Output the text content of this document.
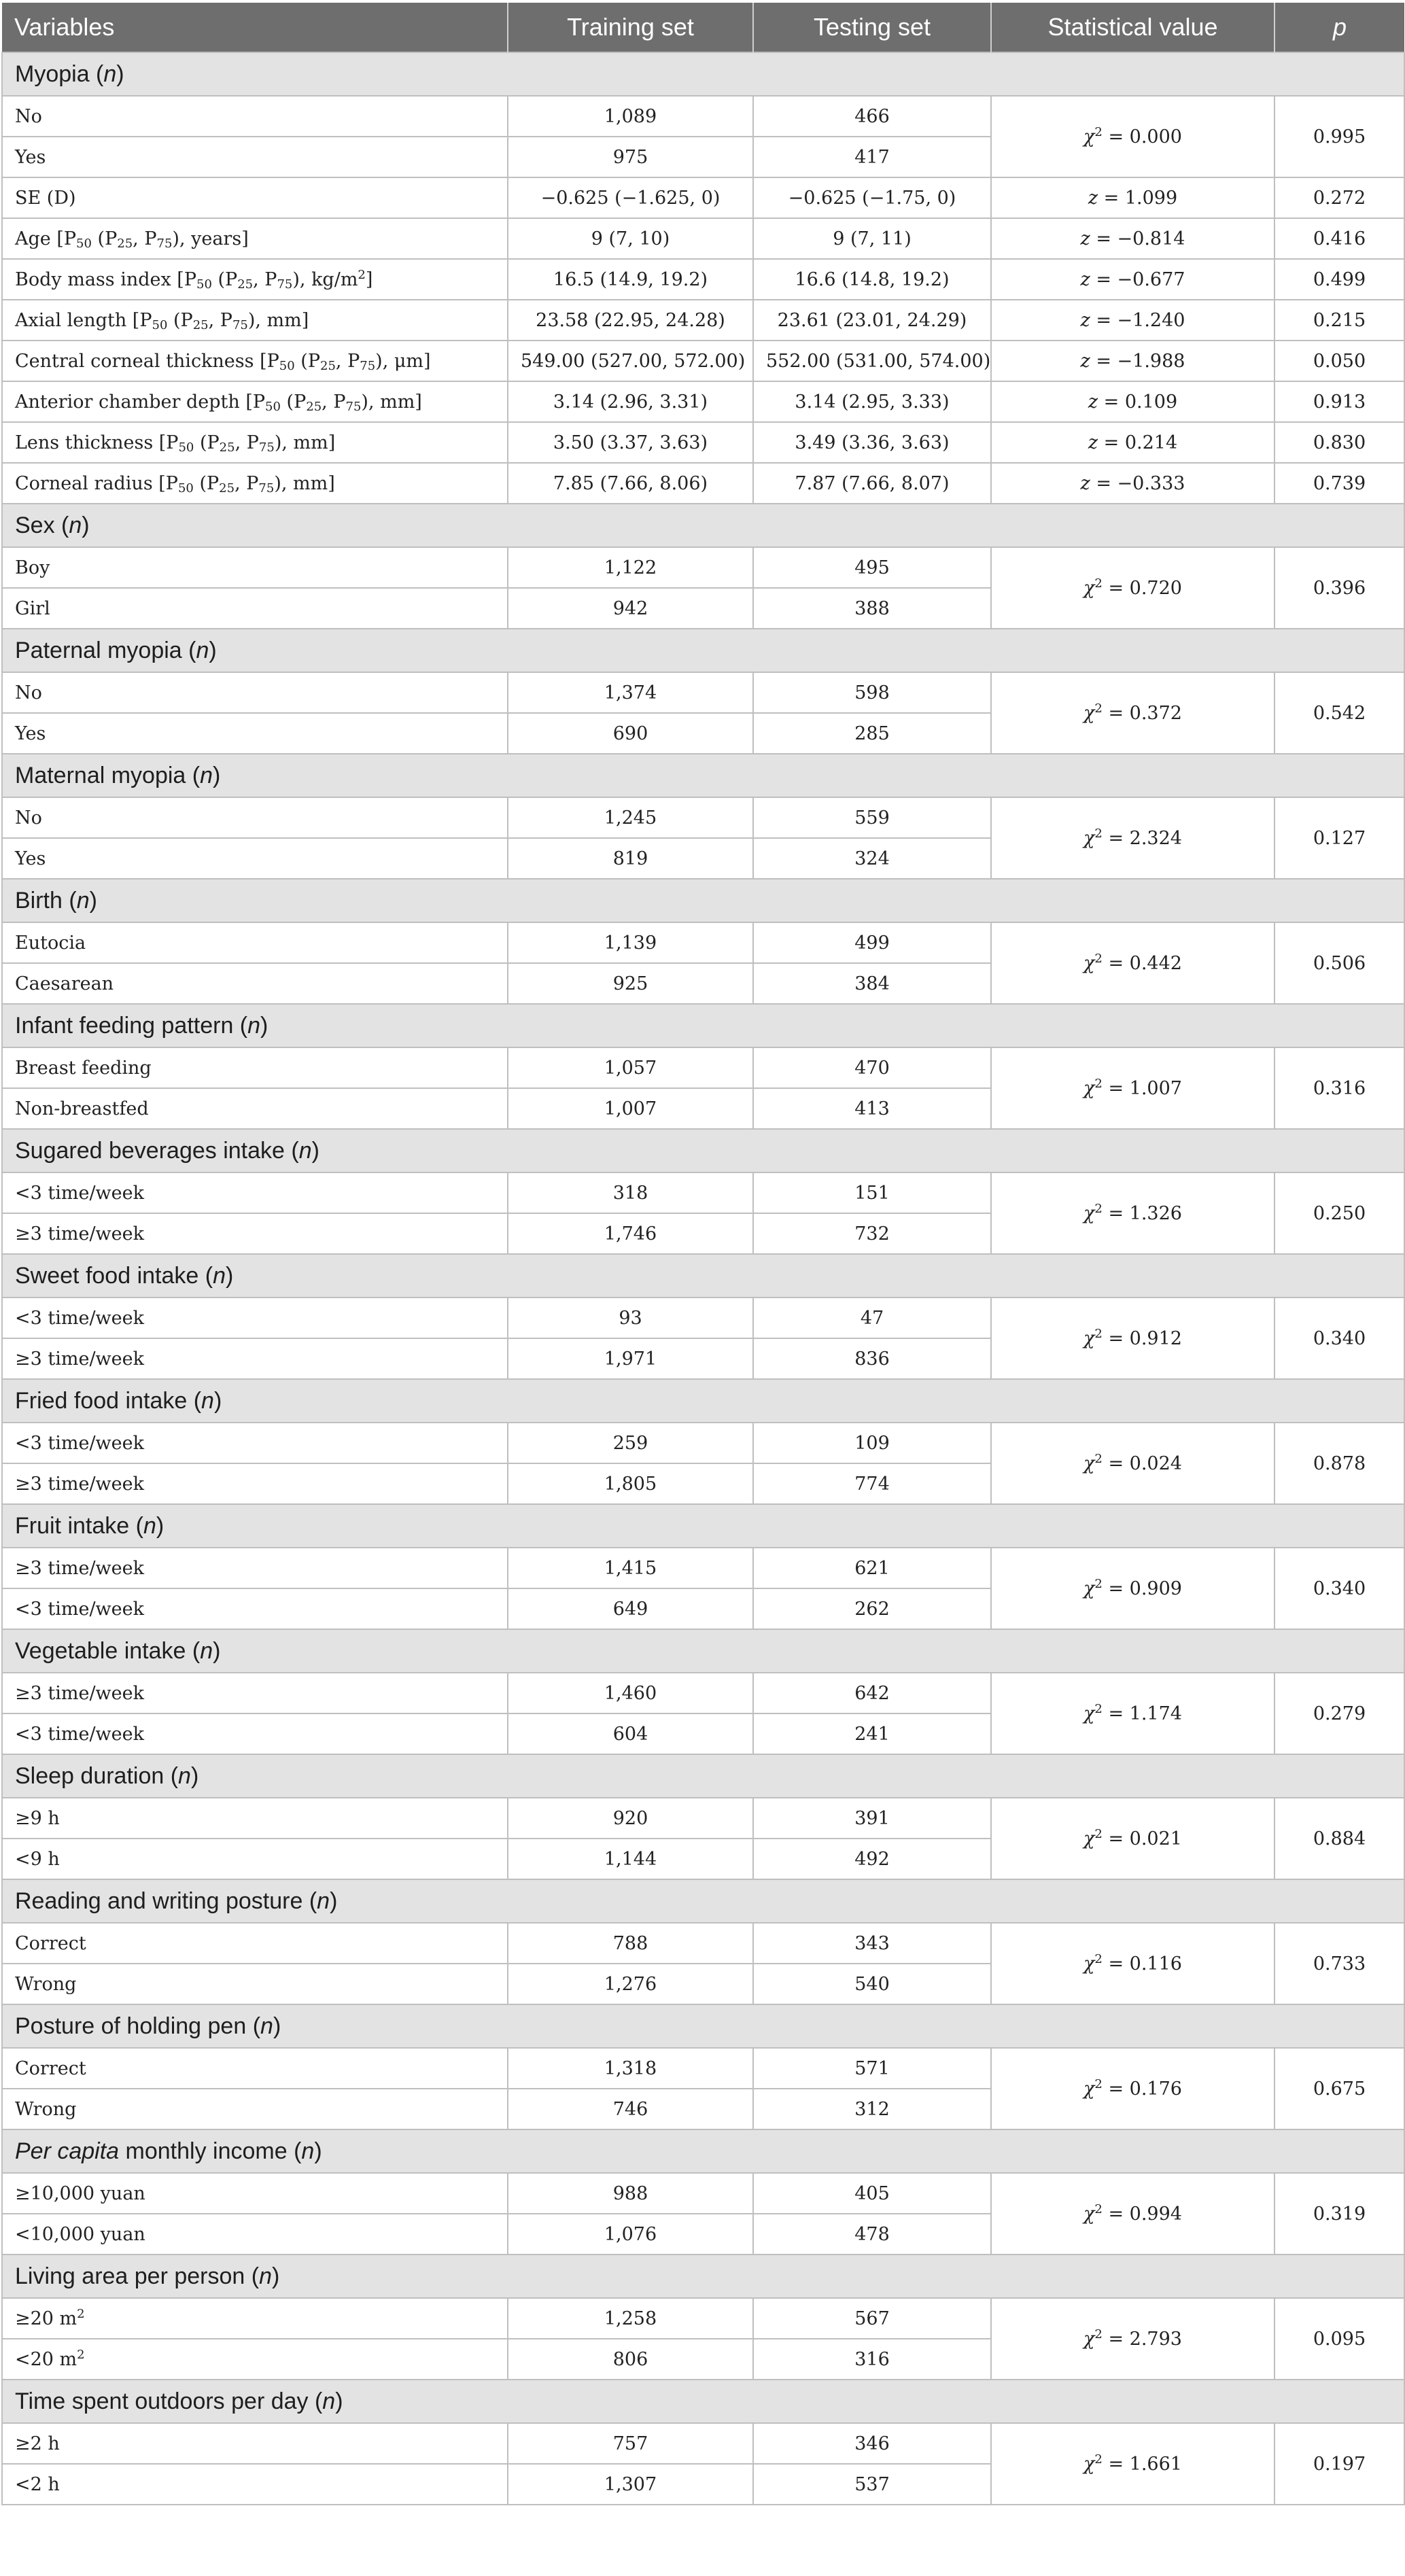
Variables	Training set	Testing set	Statistical value	p
Myopia (n)				
No	1,089	466	$\chi^2 = 0.000$	0.995
Yes	975	417		
SE (D)	−0.625 (−1.625, 0)	−0.625 (−1.75, 0)	z = 1.099	0.272
Age [$P_{50}$ ($P_{25}$, $P_{75}$), years]	9 (7, 10)	9 (7, 11)	z = −0.814	0.416
Body mass index [$P_{50}$ ($P_{25}$, $P_{75}$), $kg/m^2$]	16.5 (14.9, 19.2)	16.6 (14.8, 19.2)	z = −0.677	0.499
Axial length [$P_{50}$ ($P_{25}$, $P_{75}$), mm]	23.58 (22.95, 24.28)	23.61 (23.01, 24.29)	z = −1.240	0.215
Central corneal thickness [$P_{50}$ ($P_{25}$, $P_{75}$), μm]	549.00 (527.00, 572.00)	552.00 (531.00, 574.00)	z = −1.988	0.050
Anterior chamber depth [$P_{50}$ ($P_{25}$, $P_{75}$), mm]	3.14 (2.96, 3.31)	3.14 (2.95, 3.33)	z = 0.109	0.913
Lens thickness [$P_{50}$ ($P_{25}$, $P_{75}$), mm]	3.50 (3.37, 3.63)	3.49 (3.36, 3.63)	z = 0.214	0.830
Corneal radius [$P_{50}$ ($P_{25}$, $P_{75}$), mm]	7.85 (7.66, 8.06)	7.87 (7.66, 8.07)	z = −0.333	0.739
Sex (n)				
Boy	1,122	495	$\chi^2 = 0.720$	0.396
Girl	942	388		
Paternal myopia (n)				
No	1,374	598	$\chi^2 = 0.372$	0.542
Yes	690	285		
Maternal myopia (n)				
No	1,245	559	$\chi^2 = 2.324$	0.127
Yes	819	324		
Birth (n)				
Eutocia	1,139	499	$\chi^2 = 0.442$	0.506
Caesarean	925	384		
Infant feeding pattern (n)				
Breast feeding	1,057	470	$\chi^2 = 1.007$	0.316
Non-breastfed	1,007	413		
Sugared beverages intake (n)				
<3 time/week	318	151	$\chi^2 = 1.326$	0.250
≥3 time/week	1,746	732		
Sweet food intake (n)				
<3 time/week	93	47	$\chi^2 = 0.912$	0.340
≥3 time/week	1,971	836		
Fried food intake (n)				
<3 time/week	259	109	$\chi^2 = 0.024$	0.878
≥3 time/week	1,805	774		
Fruit intake (n)				
≥3 time/week	1,415	621	$\chi^2 = 0.909$	0.340
<3 time/week	649	262		
Vegetable intake (n)				
≥3 time/week	1,460	642	$\chi^2 = 1.174$	0.279
<3 time/week	604	241		
Sleep duration (n)				
≥9 h	920	391	$\chi^2 = 0.021$	0.884
<9 h	1,144	492		
Reading and writing posture (n)				
Correct	788	343	$\chi^2 = 0.116$	0.733
Wrong	1,276	540		
Posture of holding pen (n)				
Correct	1,318	571	$\chi^2 = 0.176$	0.675
Wrong	746	312		
Per capita monthly income (n)				
≥10,000 yuan	988	405	$\chi^2 = 0.994$	0.319
<10,000 yuan	1,076	478		
Living area per person (n)				
≥20 $m^2$	1,258	567	$\chi^2 = 2.793$	0.095
<20 $m^2$	806	316		
Time spent outdoors per day (n)				
≥2 h	757	346	$\chi^2 = 1.661$	0.197
<2 h	1,307	537		
